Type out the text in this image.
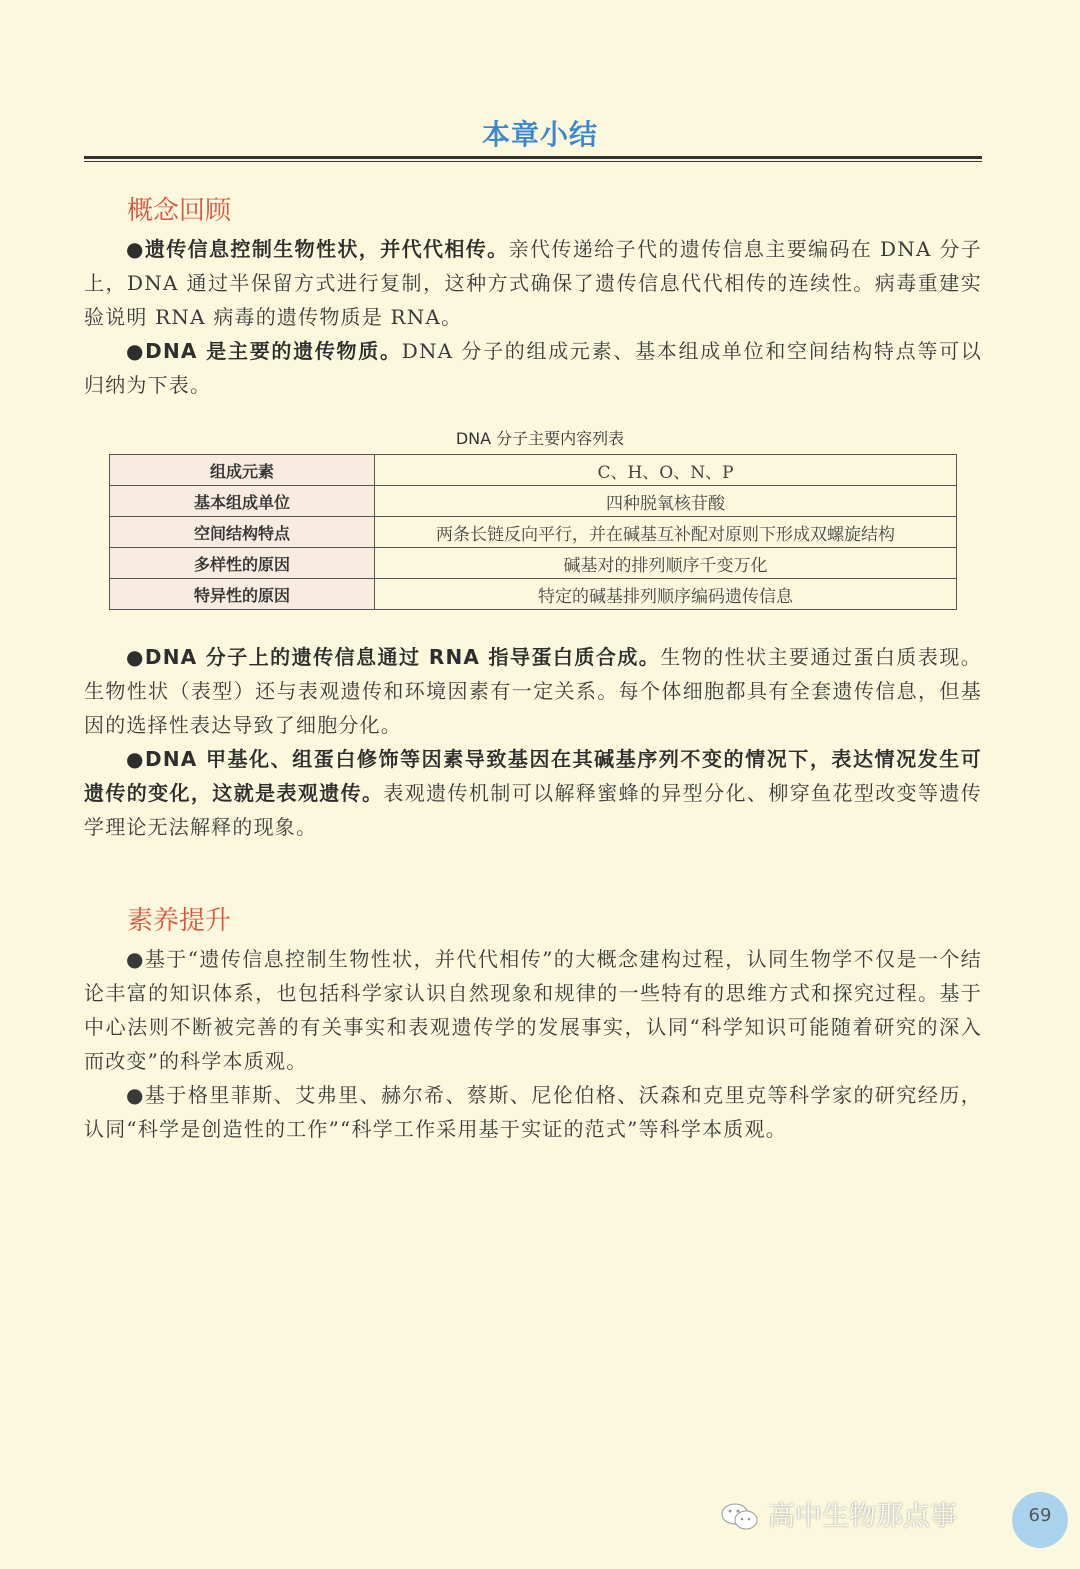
本章小结
概念回顾

●遗传信息控制生物性状，并代代相传。亲代传递给子代的遗传信息主要编码在 DNA 分子上，DNA 通过半保留方式进行复制，这种方式确保了遗传信息代代相传的连续性。病毒重建实验说明 RNA 病毒的遗传物质是 RNA。

●DNA 是主要的遗传物质。DNA 分子的组成元素、基本组成单位和空间结构特点等可以归纳为下表。

DNA 分子主要内容列表
组成元素	C、H、O、N、P
基本组成单位	四种脱氧核苷酸
空间结构特点	两条长链反向平行，并在碱基互补配对原则下形成双螺旋结构
多样性的原因	碱基对的排列顺序千变万化
特异性的原因	特定的碱基排列顺序编码遗传信息

●DNA 分子上的遗传信息通过 RNA 指导蛋白质合成。生物的性状主要通过蛋白质表现。生物性状（表型）还与表观遗传和环境因素有一定关系。每个体细胞都具有全套遗传信息，但基因的选择性表达导致了细胞分化。

●DNA 甲基化、组蛋白修饰等因素导致基因在其碱基序列不变的情况下，表达情况发生可遗传的变化，这就是表观遗传。表观遗传机制可以解释蜜蜂的异型分化、柳穿鱼花型改变等遗传学理论无法解释的现象。

素养提升

●基于“遗传信息控制生物性状，并代代相传”的大概念建构过程，认同生物学不仅是一个结论丰富的知识体系，也包括科学家认识自然现象和规律的一些特有的思维方式和探究过程。基于中心法则不断被完善的有关事实和表观遗传学的发展事实，认同“科学知识可能随着研究的深入而改变”的科学本质观。

●基于格里菲斯、艾弗里、赫尔希、蔡斯、尼伦伯格、沃森和克里克等科学家的研究经历，认同“科学是创造性的工作”“科学工作采用基于实证的范式”等科学本质观。

高中生物那点事	69
